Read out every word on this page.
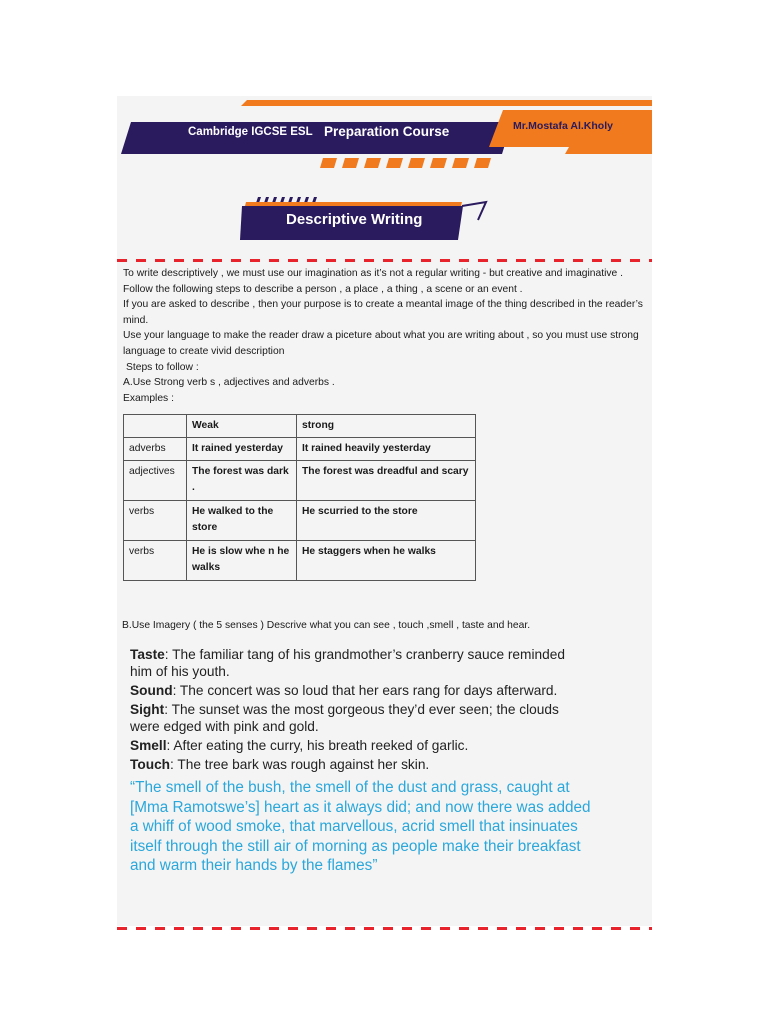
Cambridge IGCSE ESL Preparation Course	Mr.Mostafa Al.Kholy
Descriptive Writing

To write descriptively , we must use our imagination as it’s not a regular writing - but creative and imaginative .

Follow the following steps to describe a person , a place , a thing , a scene or an event .

If you are asked to describe , then your purpose is to create a meantal image of the thing described in the reader’s mind.

Use your language to make the reader draw a piceture about what you are writing about , so you must use strong language to create vivid description

Steps to follow :

A.Use Strong verb s , adjectives and adverbs .

Examples :

	Weak	strong
adverbs	It rained yesterday	It rained heavily yesterday
adjectives	The forest was dark .	The forest was dreadful and scary
verbs	He walked to the store	He scurried to the store
verbs	He is slow whe n he walks	He staggers when he walks
B.Use Imagery ( the 5 senses ) Descrive what you can see , touch ,smell , taste and hear.

Taste: The familiar tang of his grandmother’s cranberry sauce reminded him of his youth.

Sound: The concert was so loud that her ears rang for days afterward.

Sight: The sunset was the most gorgeous they’d ever seen; the clouds were edged with pink and gold.

Smell: After eating the curry, his breath reeked of garlic.

Touch: The tree bark was rough against her skin.

“The smell of the bush, the smell of the dust and grass, caught at [Mma Ramotswe’s] heart as it always did; and now there was added a whiff of wood smoke, that marvellous, acrid smell that insinuates itself through the still air of morning as people make their breakfast and warm their hands by the flames”
